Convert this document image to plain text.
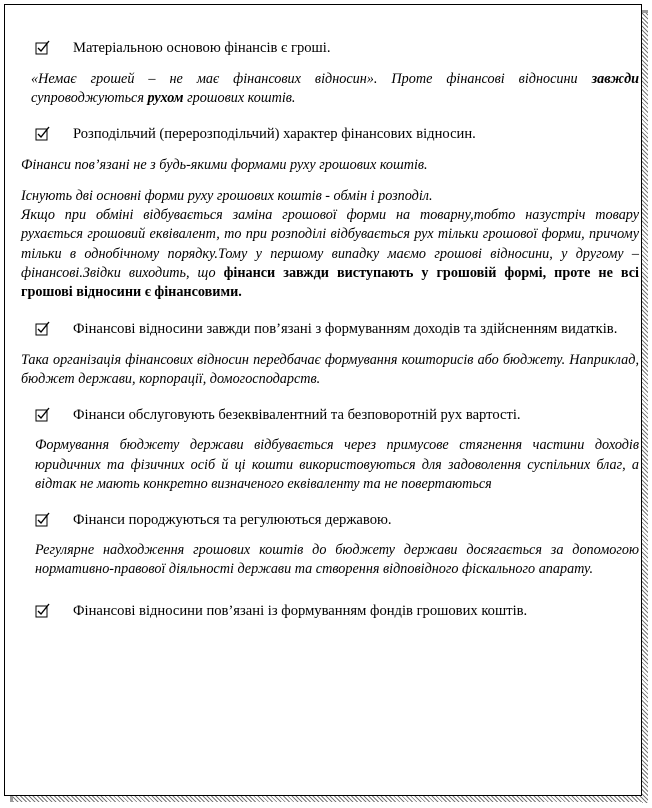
Матеріальною основою фінансів є гроші.
«Немає грошей – не має фінансових відносин». Проте фінансові відносини завжди супроводжуються рухом грошових коштів.
Розподільчий (перерозподільчий) характер фінансових відносин.
Фінанси пов’язані не з будь-якими формами руху грошових коштів.
Існують дві основні форми руху грошових коштів - обмін і розподіл.
Якщо при обміні відбувається заміна грошової форми на товарну,тобто назустріч товару рухається грошовий еквівалент, то при розподілі відбувається рух тільки грошової форми, причому тільки в однобічному порядку.Тому у першому випадку маємо грошові відносини, у другому – фінансові.Звідки виходить, що фінанси завжди виступають у грошовій формі, проте не всі грошові відносини є фінансовими.
Фінансові відносини завжди пов’язані з формуванням доходів та здійсненням видатків.
Така організація фінансових відносин передбачає формування кошторисів або бюджету. Наприклад, бюджет держави, корпорації, домогосподарств.
Фінанси обслуговують безеквівалентний та безповоротній рух вартості.
Формування бюджету держави відбувається через примусове стягнення частини доходів юридичних та фізичних осіб й ці кошти використовуються для задоволення суспільних благ, а відтак не мають конкретно визначеного еквіваленту та не повертаються
Фінанси породжуються та регулюються державою.
Регулярне надходження грошових коштів до бюджету держави досягається за допомогою нормативно-правової діяльності держави та створення відповідного фіскального апарату.
Фінансові відносини пов’язані із формуванням фондів грошових коштів.
